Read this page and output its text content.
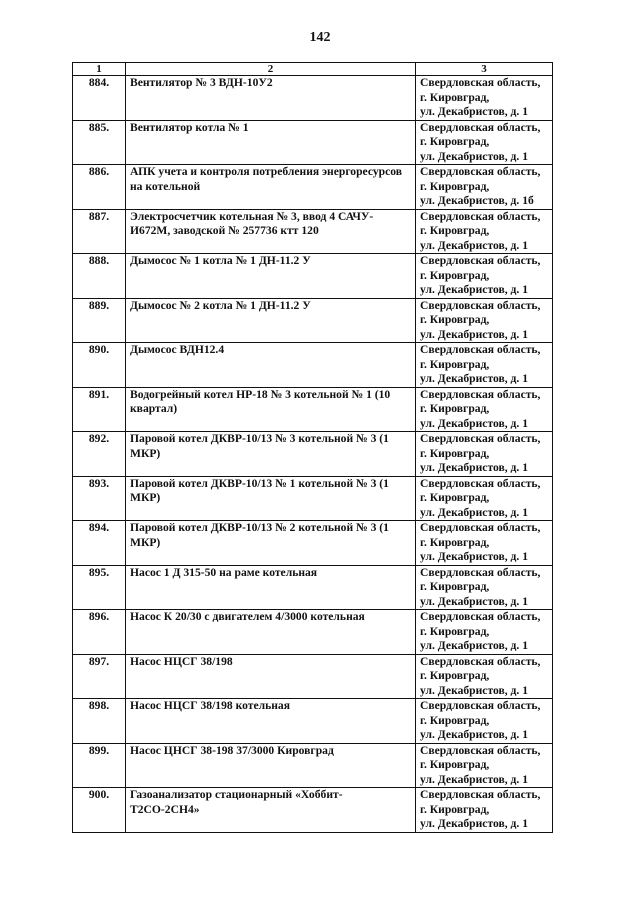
142
1	2	3
884.	Вентилятор № 3 ВДН-10У2	Свердловская область,
г. Кировград,
ул. Декабристов, д. 1

885.	Вентилятор котла № 1	Свердловская область,
г. Кировград,
ул. Декабристов, д. 1

886.	АПК учета и контроля потребления энергоресурсов на котельной	Свердловская область,
г. Кировград,
ул. Декабристов, д. 1б

887.	Электросчетчик котельная № 3, ввод 4 САЧУ-И672М, заводской № 257736 ктт 120	Свердловская область,
г. Кировград,
ул. Декабристов, д. 1

888.	Дымосос № 1 котла № 1 ДН-11.2 У	Свердловская область,
г. Кировград,
ул. Декабристов, д. 1

889.	Дымосос № 2 котла № 1 ДН-11.2 У	Свердловская область,
г. Кировград,
ул. Декабристов, д. 1

890.	Дымосос ВДН12.4	Свердловская область,
г. Кировград,
ул. Декабристов, д. 1

891.	Водогрейный котел НР-18 № 3 котельной № 1 (10 квартал)	Свердловская область,
г. Кировград,
ул. Декабристов, д. 1

892.	Паровой котел ДКВР-10/13 № 3 котельной № 3 (1 МКР)	Свердловская область,
г. Кировград,
ул. Декабристов, д. 1

893.	Паровой котел ДКВР-10/13 № 1 котельной № 3 (1 МКР)	Свердловская область,
г. Кировград,
ул. Декабристов, д. 1

894.	Паровой котел ДКВР-10/13 № 2 котельной № 3 (1 МКР)	Свердловская область,
г. Кировград,
ул. Декабристов, д. 1

895.	Насос 1 Д 315-50 на раме котельная	Свердловская область,
г. Кировград,
ул. Декабристов, д. 1

896.	Насос К 20/30 с двигателем 4/3000 котельная	Свердловская область,
г. Кировград,
ул. Декабристов, д. 1

897.	Насос НЦСГ 38/198	Свердловская область,
г. Кировград,
ул. Декабристов, д. 1

898.	Насос НЦСГ 38/198 котельная	Свердловская область,
г. Кировград,
ул. Декабристов, д. 1

899.	Насос ЦНСГ 38-198 37/3000 Кировград	Свердловская область,
г. Кировград,
ул. Декабристов, д. 1

900.	Газоанализатор стационарный «Хоббит-Т2СО-2СН4»	Свердловская область,
г. Кировград,
ул. Декабристов, д. 1
